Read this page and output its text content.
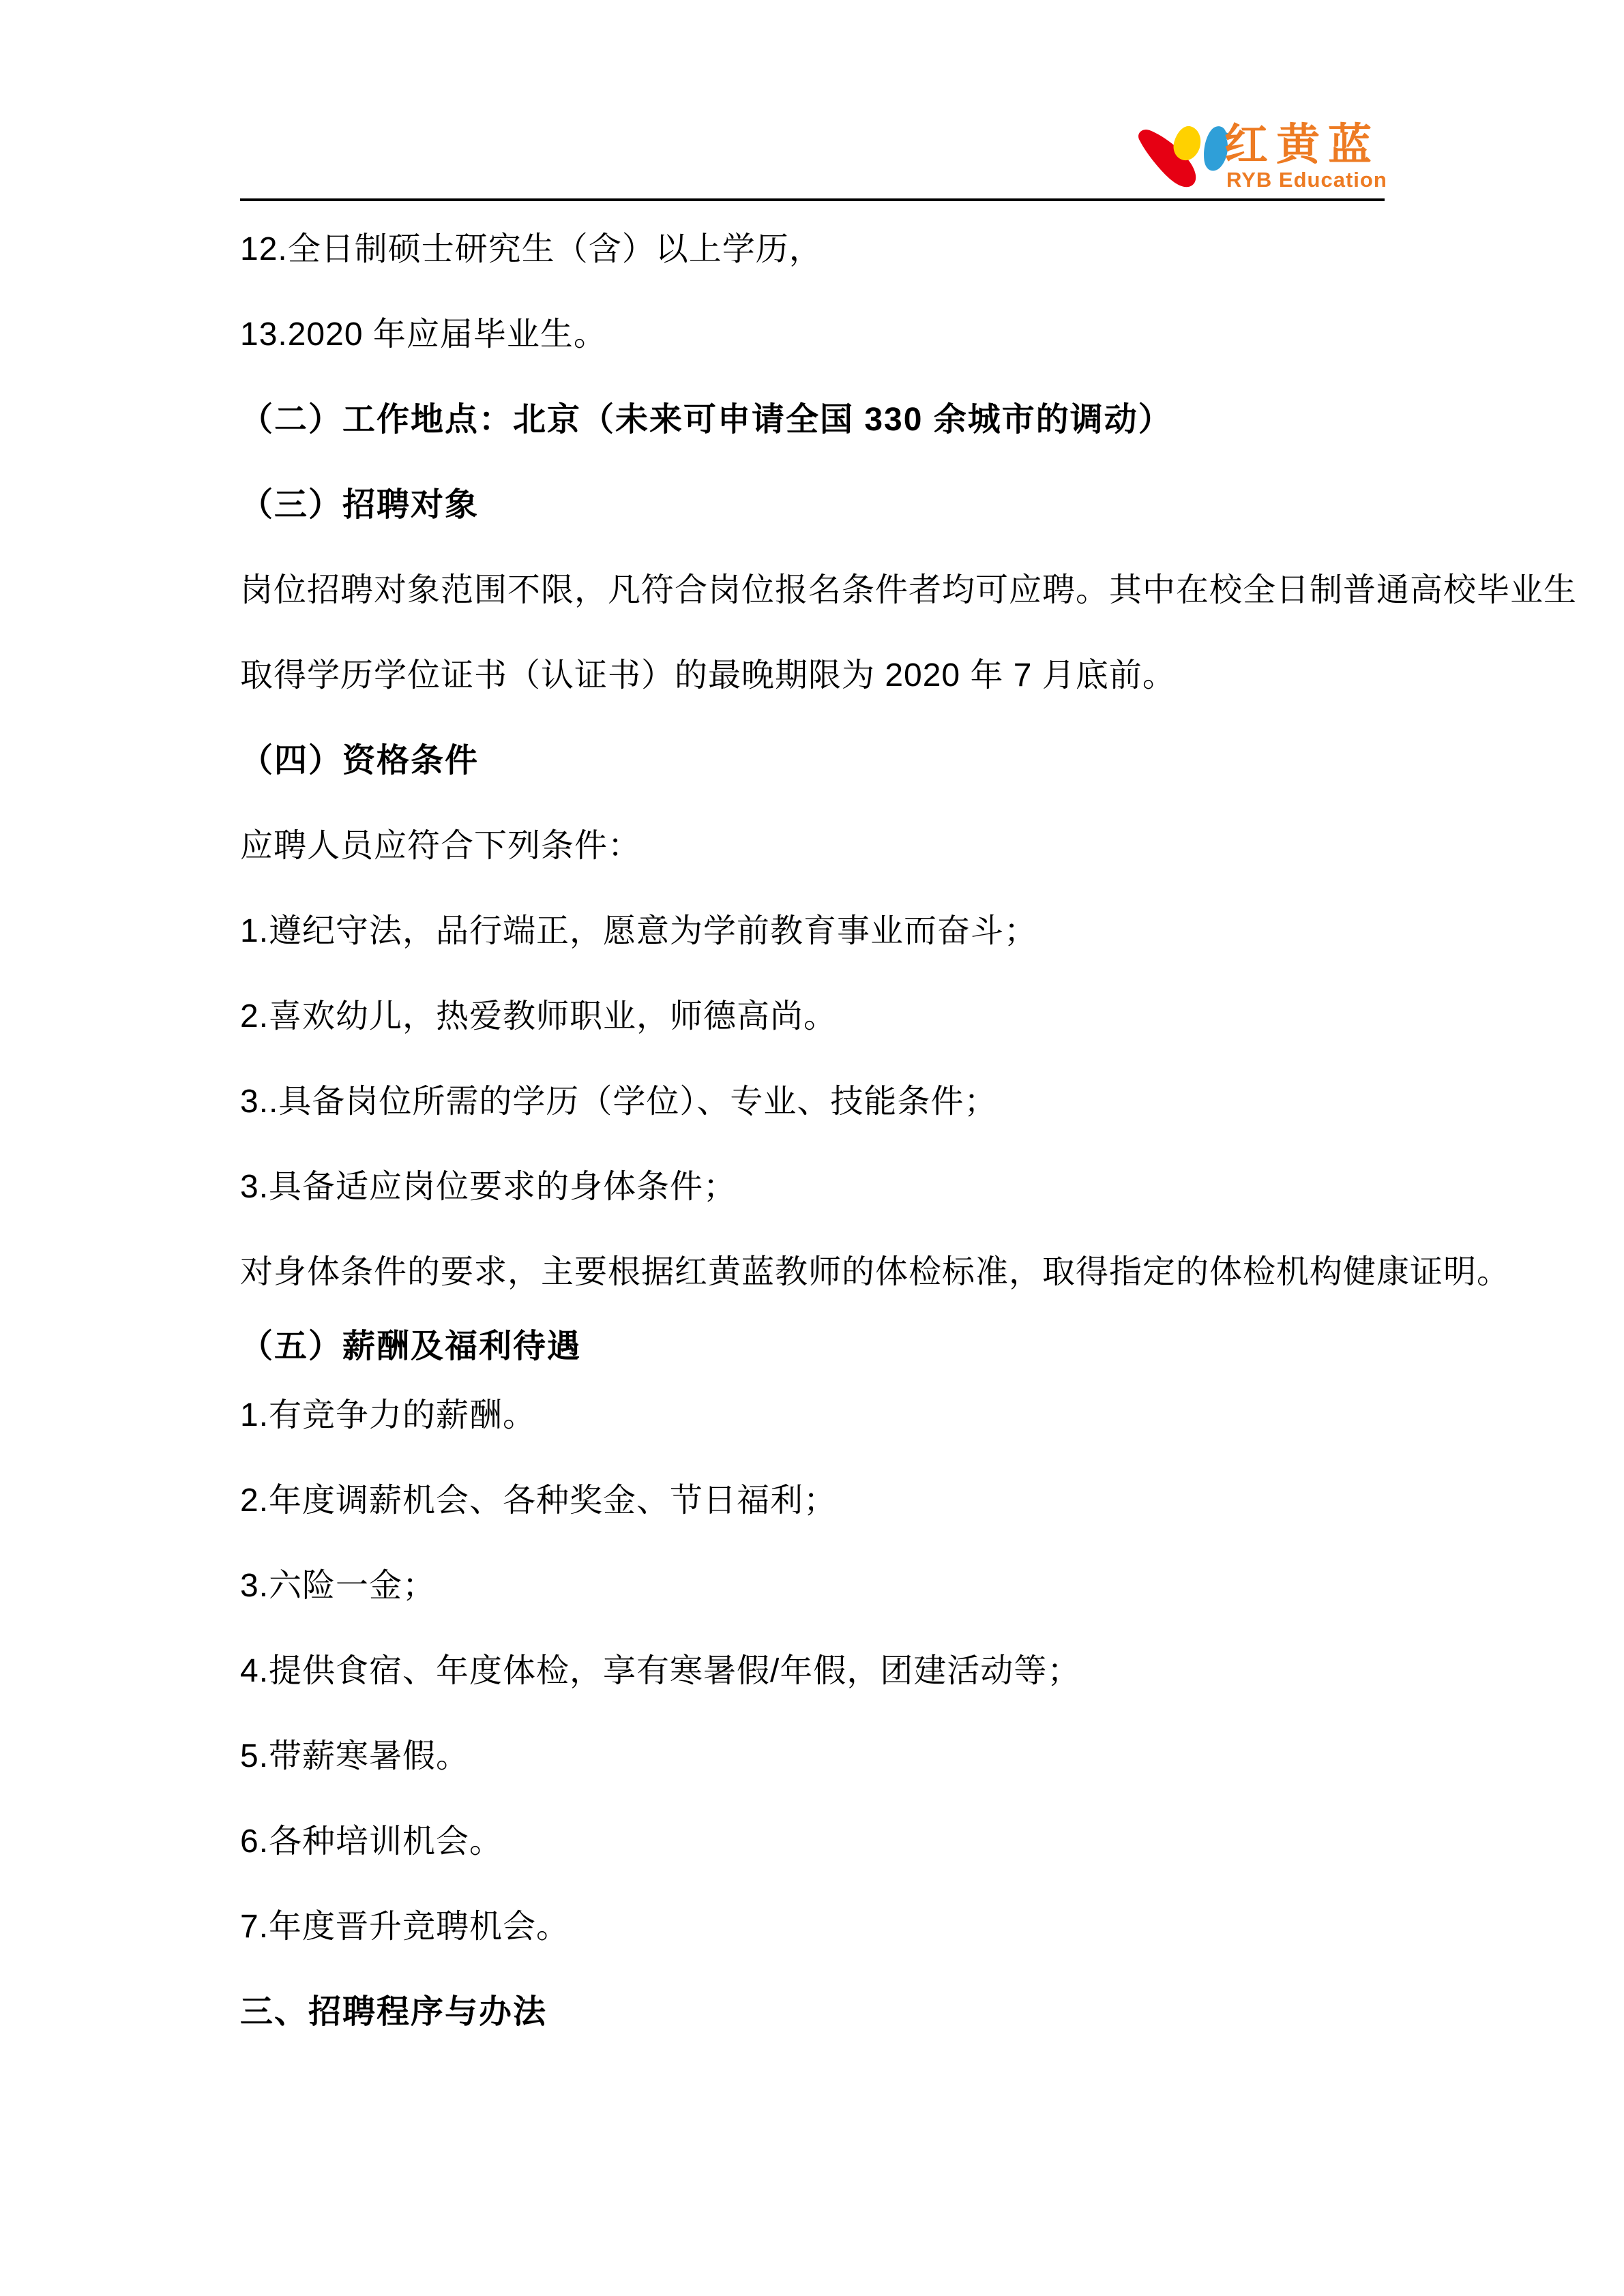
红黄蓝
RYB Education

12.全日制硕士研究生（含）以上学历，

13.2020 年应届毕业生。

（二）工作地点：北京（未来可申请全国 330 余城市的调动）

（三）招聘对象

岗位招聘对象范围不限，凡符合岗位报名条件者均可应聘。其中在校全日制普通高校毕业生

取得学历学位证书（认证书）的最晚期限为 2020 年 7 月底前。

（四）资格条件

应聘人员应符合下列条件：

1.遵纪守法，品行端正，愿意为学前教育事业而奋斗；

2.喜欢幼儿，热爱教师职业，师德高尚。

3..具备岗位所需的学历（学位）、专业、技能条件；

3.具备适应岗位要求的身体条件；

对身体条件的要求，主要根据红黄蓝教师的体检标准，取得指定的体检机构健康证明。

（五）薪酬及福利待遇

1.有竞争力的薪酬。

2.年度调薪机会、各种奖金、节日福利；

3.六险一金；

4.提供食宿、年度体检，享有寒暑假/年假，团建活动等；

5.带薪寒暑假。

6.各种培训机会。

7.年度晋升竞聘机会。

三、招聘程序与办法
